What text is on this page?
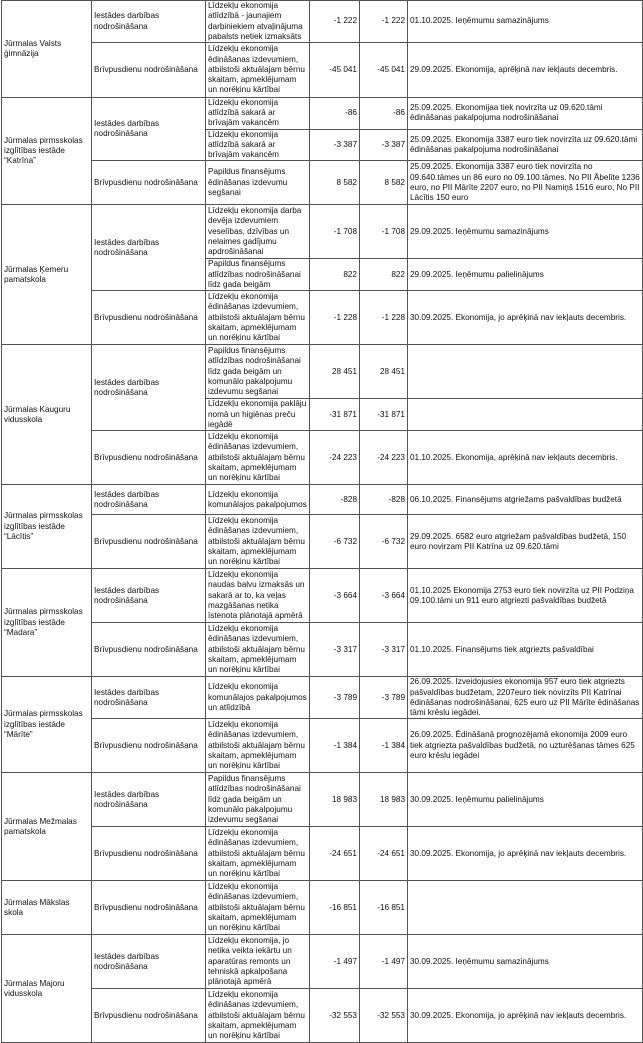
Jūrmalas Valsts ģimnāzija	Iestādes darbības nodrošināšana	Līdzekļu ekonomija atlīdzībā - jaunajiem darbiniekiem atvaļinājuma pabalsts netiek izmaksāts	-1 222	-1 222	01.10.2025. Ieņēmumu samazinājums
	Brīvpusdienu nodrošināšana	Līdzekļu ekonomija ēdināšanas izdevumiem, atbilstoši aktuālajam bērnu skaitam, apmeklējumam un norēķinu kārtībai	-45 041	-45 041	29.09.2025. Ekonomija, aprēķinā nav iekļauts decembris.
Jūrmalas pirmsskolas izglītības iestāde “Katrīna”	Iestādes darbības nodrošināšana	Līdzekļu ekonomija atlīdzībā sakarā ar brīvajām vakancēm	-86	-86	25.09.2025. Ekonomijaa tiek novirzīta uz 09.620.tāmi ēdināšanas pakalpojuma nodrošināšanai
		Līdzekļu ekonomija atlīdzībā sakarā ar brīvajām vakancēm	-3 387	-3 387	25.09.2025. Ekonomija 3387 euro tiek novirzīta uz 09.620.tāmi ēdināšanas pakalpojuma nodrošināšanai
	Brīvpusdienu nodrošināšana	Papildus finansējums ēdināšanas izdevumu segšanai	8 582	8 582	25.09.2025. Ekonomija 3387 euro tiek novirzīta no 09.640.tāmes un 86 euro no 09.100.tāmes. No PII Ābelīte 1236 euro, no PII Mārīte 2207 euro, no PII Namiņš 1516 euro, No PII Lācītis 150 euro
Jūrmalas Ķemeru pamatskola	Iestādes darbības nodrošināšana	Līdzekļu ekonomija darba devēja izdevumiem veselības, dzīvības un nelaimes gadījumu apdrošināšanai	-1 708	-1 708	29.09.2025. Ieņēmumu samazinājums
		Papildus finansējums atlīdzības nodrošināšanai līdz gada beigām	822	822	29.09.2025. Ieņēmumu palielinājums
	Brīvpusdienu nodrošināšana	Līdzekļu ekonomija ēdināšanas izdevumiem, atbilstoši aktuālajam bērnu skaitam, apmeklējumam un norēķinu kārtībai	-1 228	-1 228	30.09.2025. Ekonomija, jo aprēķinā nav iekļauts decembris.
Jūrmalas Kauguru vidusskola	Iestādes darbības nodrošināšana	Papildus finansējums atlīdzības nodrošināšanai līdz gada beigām un komunālo pakalpojumu izdevumu segšanai	28 451	28 451	
		Līdzekļu ekonomija paklāju nomā un higiēnas preču iegādē	-31 871	-31 871	
	Brīvpusdienu nodrošināšana	Līdzekļu ekonomija ēdināšanas izdevumiem, atbilstoši aktuālajam bērnu skaitam, apmeklējumam un norēķinu kārtībai	-24 223	-24 223	01.10.2025. Ekonomija, aprēķinā nav iekļauts decembris.
Jūrmalas pirmsskolas izglītības iestāde “Lācītis”	Iestādes darbības nodrošināšana	Līdzekļu ekonomija komunālajos pakalpojumos	-828	-828	06.10.2025. Finansējums atgriežams pašvaldības budžetā
	Brīvpusdienu nodrošināšana	Līdzekļu ekonomija ēdināšanas izdevumiem, atbilstoši aktuālajam bērnu skaitam, apmeklējumam un norēķinu kārtībai	-6 732	-6 732	29.09.2025. 6582 euro atgriežam pašvaldības budžetā, 150 euro novirzam PII Katrīna uz 09.620.tāmi
Jūrmalas pirmsskolas izglītības iestāde “Madara”	Iestādes darbības nodrošināšana	Līdzekļu ekonomija naudas balvu izmaksās un sakarā ar to, ka veļas mazgāšanas netika īstenota plānotajā apmērā	-3 664	-3 664	01.10.2025 Ekonomija 2753 euro tiek novirzīta uz PII Podziņa 09.100.tāmi un 911 euro atgriezti pašvaldības budžetā
	Brīvpusdienu nodrošināšana	Līdzekļu ekonomija ēdināšanas izdevumiem, atbilstoši aktuālajam bērnu skaitam, apmeklējumam un norēķinu kārtībai	-3 317	-3 317	01.10.2025. Finansējums tiek atgriezts pašvaldībai
Jūrmalas pirmsskolas izglītības iestāde “Mārīte”	Iestādes darbības nodrošināšana	Līdzekļu ekonomija komunālajos pakalpojumos un atlīdzībā	-3 789	-3 789	26.09.2025. Izveidojusies ekonomija 957 euro tiek atgriezts pašvaldības budžetam, 2207euro tiek novirzīts PII Katrīnai ēdināšanas nodrošināšanai, 625 euro uz PII Mārīte ēdināšanas tāmi krēslu iegādei.
	Brīvpusdienu nodrošināšana	Līdzekļu ekonomija ēdināšanas izdevumiem, atbilstoši aktuālajam bērnu skaitam, apmeklējumam un norēķinu kārtībai	-1 384	-1 384	26.09.2025. Ēdināšanā prognozējamā ekonomija 2009 euro tiek atgriezta pašvaldības budžetā, no uzturēšanas tāmes 625 euro krēslu iegādei
Jūrmalas Mežmalas pamatskola	Iestādes darbības nodrošināšana	Papildus finansējums atlīdzības nodrošināšanai līdz gada beigām un komunālo pakalpojumu izdevumu segšanai	18 983	18 983	30.09.2025. Ieņēmumu palielinājums
	Brīvpusdienu nodrošināšana	Līdzekļu ekonomija ēdināšanas izdevumiem, atbilstoši aktuālajam bērnu skaitam, apmeklējumam un norēķinu kārtībai	-24 651	-24 651	30.09.2025. Ekonomija, jo aprēķinā nav iekļauts decembris.
Jūrmalas Mākslas skola	Brīvpusdienu nodrošināšana	Līdzekļu ekonomija ēdināšanas izdevumiem, atbilstoši aktuālajam bērnu skaitam, apmeklējumam un norēķinu kārtībai	-16 851	-16 851	
Jūrmalas Majoru vidusskola	Iestādes darbības nodrošināšana	Līdzekļu ekonomija, jo netika veikta iekārtu un aparatūras remonts un tehniskā apkalpošana plānotajā apmērā	-1 497	-1 497	30.09.2025. Ieņēmumu samazinājums
	Brīvpusdienu nodrošināšana	Līdzekļu ekonomija ēdināšanas izdevumiem, atbilstoši aktuālajam bērnu skaitam, apmeklējumam un norēķinu kārtībai	-32 553	-32 553	30.09.2025. Ekonomija, jo aprēķinā nav iekļauts decembris.
